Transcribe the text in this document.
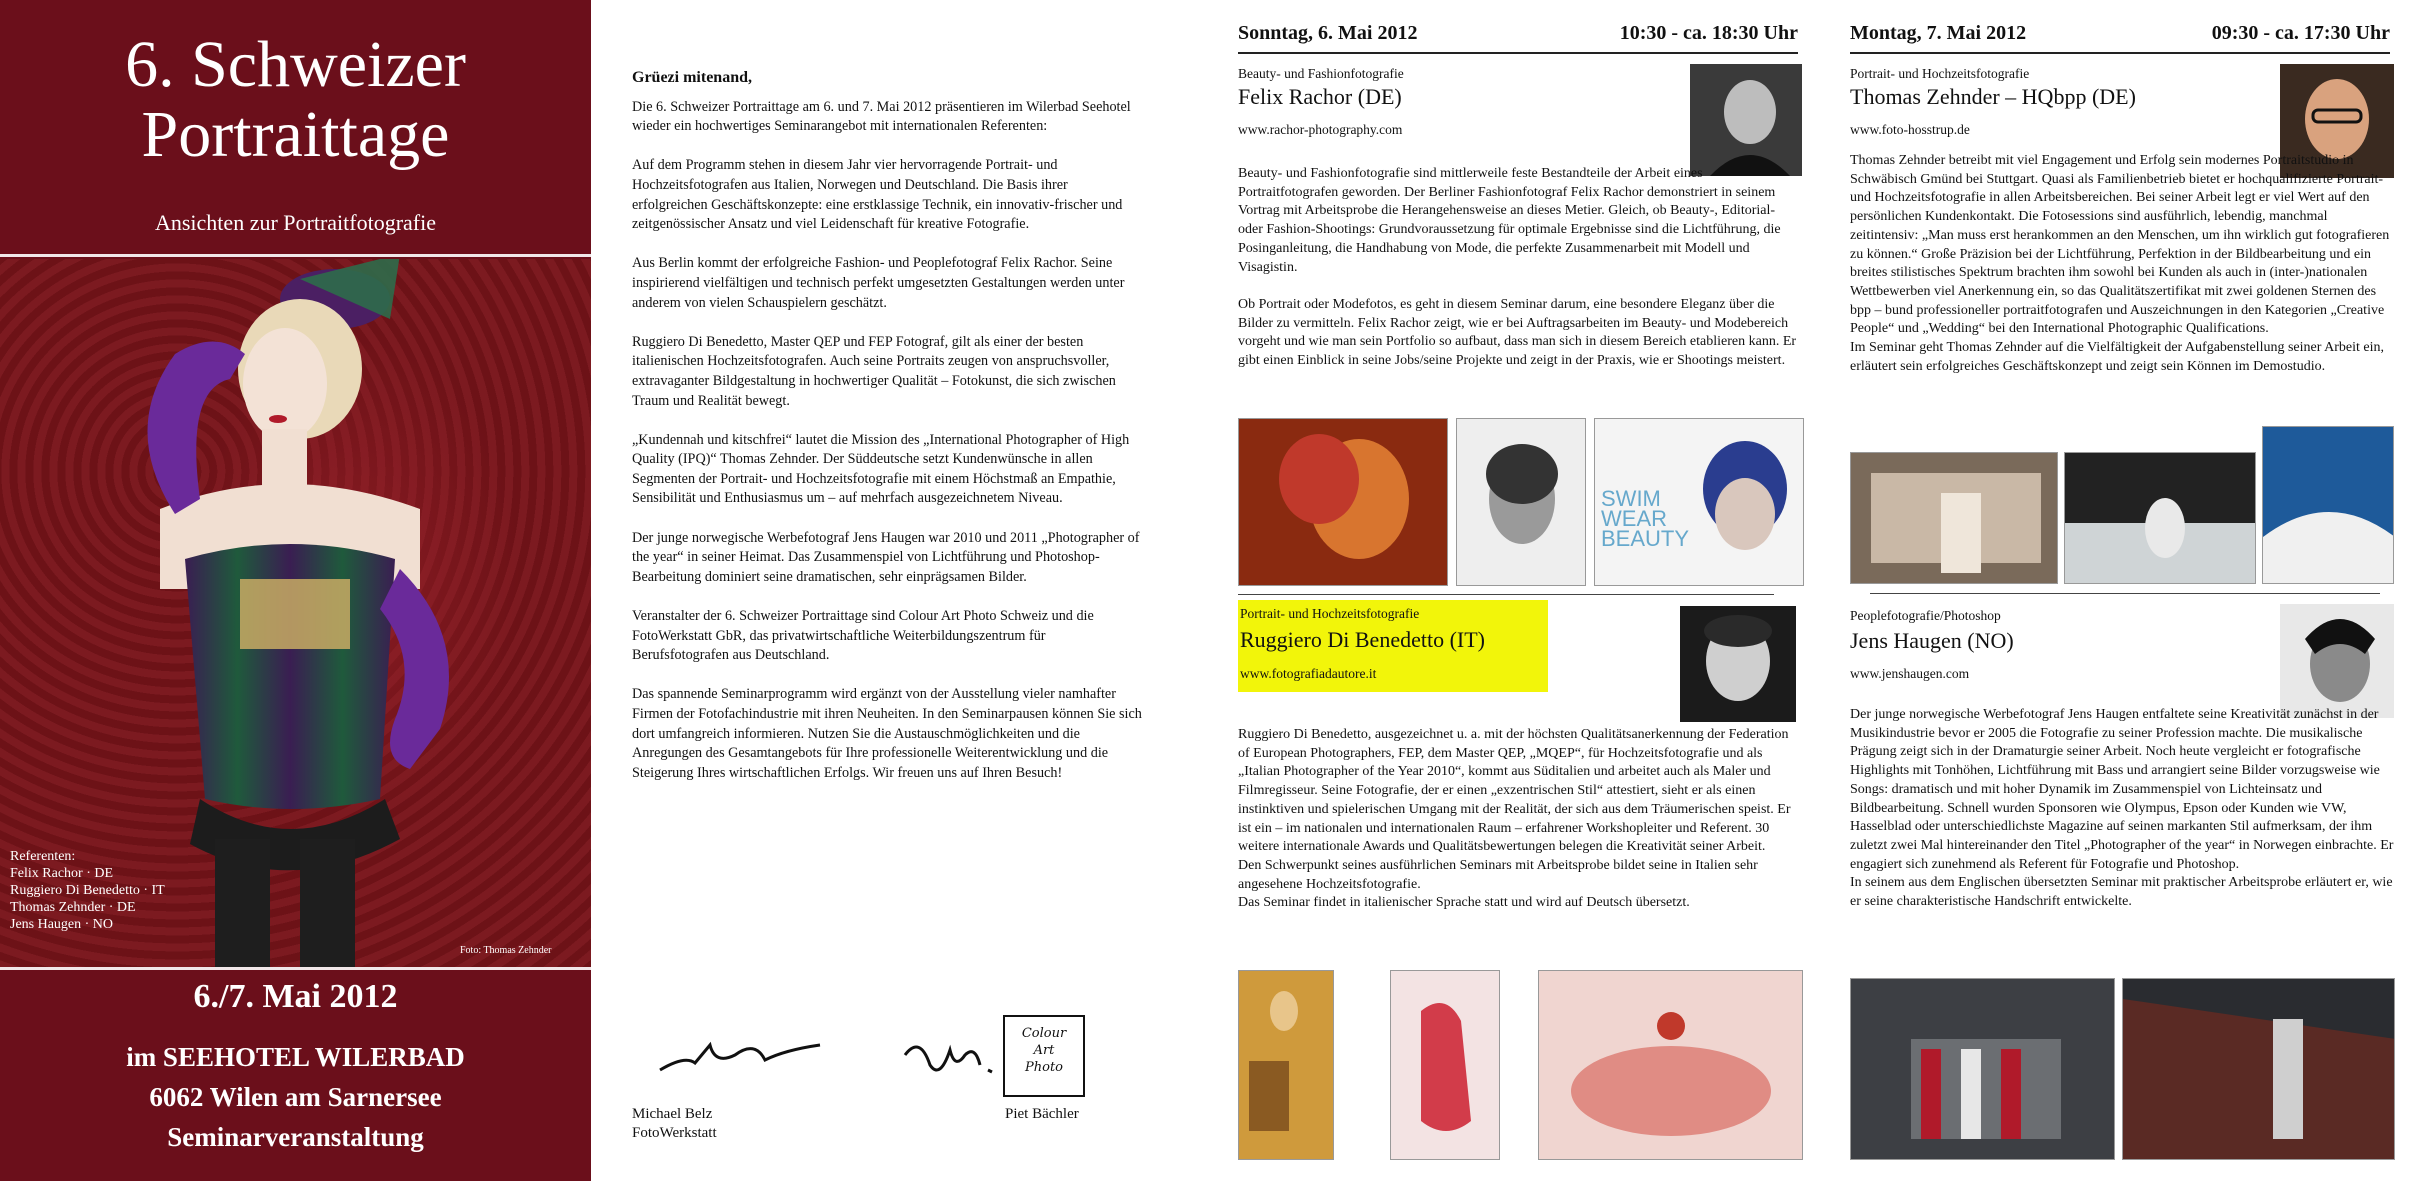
6. Schweizer
Portraittage
Ansichten zur Portraitfotografie
Referenten:
Felix Rachor · DE
Ruggiero Di Benedetto · IT
Thomas Zehnder · DE
Jens Haugen · NO
Foto: Thomas Zehnder
6./7. Mai 2012
im SEEHOTEL WILERBAD
6062 Wilen am Sarnersee
Seminarveranstaltung

Grüezi mitenand,

Die 6. Schweizer Portraittage am 6. und 7. Mai 2012 präsentieren im Wilerbad Seehotel wieder ein hochwertiges Seminarangebot mit internationalen Referenten:

Auf dem Programm stehen in diesem Jahr vier hervorragende Portrait- und Hochzeitsfotografen aus Italien, Norwegen und Deutschland. Die Basis ihrer erfolgreichen Geschäftskonzepte: eine erstklassige Technik, ein innovativ-frischer und zeitgenössischer Ansatz und viel Leidenschaft für kreative Fotografie.

Aus Berlin kommt der erfolgreiche Fashion- und Peoplefotograf Felix Rachor. Seine inspirierend vielfältigen und technisch perfekt umgesetzten Gestaltungen werden unter anderem von vielen Schauspielern geschätzt.

Ruggiero Di Benedetto, Master QEP und FEP Fotograf, gilt als einer der besten italienischen Hochzeitsfotografen. Auch seine Portraits zeugen von anspruchsvoller, extravaganter Bildgestaltung in hochwertiger Qualität – Fotokunst, die sich zwischen Traum und Realität bewegt.

„Kundennah und kitschfrei“ lautet die Mission des „International Photographer of High Quality (IPQ)“ Thomas Zehnder. Der Süddeutsche setzt Kundenwünsche in allen Segmenten der Portrait- und Hochzeitsfotografie mit einem Höchstmaß an Empathie, Sensibilität und Enthusiasmus um – auf mehrfach ausgezeichnetem Niveau.

Der junge norwegische Werbefotograf Jens Haugen war 2010 und 2011 „Photographer of the year“ in seiner Heimat. Das Zusammenspiel von Lichtführung und Photoshop-Bearbeitung dominiert seine dramatischen, sehr einprägsamen Bilder.

Veranstalter der 6. Schweizer Portraittage sind Colour Art Photo Schweiz und die FotoWerkstatt GbR, das privatwirtschaftliche Weiterbildungszentrum für Berufsfotografen aus Deutschland.

Das spannende Seminarprogramm wird ergänzt von der Ausstellung vieler namhafter Firmen der Fotofachindustrie mit ihren Neuheiten. In den Seminarpausen können Sie sich dort umfangreich informieren. Nutzen Sie die Austauschmöglichkeiten und die Anregungen des Gesamtangebots für Ihre professionelle Weiterentwicklung und die Steigerung Ihres wirtschaftlichen Erfolgs. Wir freuen uns auf Ihren Besuch!

Michael Belz
FotoWerkstatt
Colour
Art
Photo
Piet Bächler
Sonntag, 6. Mai 2012	10:30 - ca. 18:30 Uhr
Beauty- und Fashionfotografie
Felix Rachor (DE)
www.rachor-photography.com

Beauty- und Fashionfotografie sind mittlerweile feste Bestandteile der Arbeit eines Portraitfotografen geworden. Der Berliner Fashionfotograf Felix Rachor demonstriert in seinem Vortrag mit Arbeitsprobe die Herangehensweise an dieses Metier. Gleich, ob Beauty-, Editorial- oder Fashion-Shootings: Grundvoraussetzung für optimale Ergebnisse sind die Lichtführung, die Posinganleitung, die Handhabung von Mode, die perfekte Zusammenarbeit mit Modell und Visagistin.

Ob Portrait oder Modefotos, es geht in diesem Seminar darum, eine besondere Eleganz über die Bilder zu vermitteln. Felix Rachor zeigt, wie er bei Auftragsarbeiten im Beauty- und Modebereich vorgeht und wie man sein Portfolio so aufbaut, dass man sich in diesem Bereich etablieren kann. Er gibt einen Einblick in seine Jobs/seine Projekte und zeigt in der Praxis, wie er Shootings meistert.

SWIM
WEAR
BEAUTY
Portrait- und Hochzeitsfotografie
Ruggiero Di Benedetto (IT)
www.fotografiadautore.it
Ruggiero Di Benedetto, ausgezeichnet u. a. mit der höchsten Qualitätsanerkennung der Federation of European Photographers, FEP, dem Master QEP, „MQEP“, für Hochzeitsfotografie und als „Italian Photographer of the Year 2010“, kommt aus Süditalien und arbeitet auch als Maler und Filmregisseur. Seine Fotografie, der er einen „exzentrischen Stil“ attestiert, sieht er als einen instinktiven und spielerischen Umgang mit der Realität, der sich aus dem Träumerischen speist. Er ist ein – im nationalen und internationalen Raum – erfahrener Workshopleiter und Referent. 30 weitere internationale Awards und Qualitätsbewertungen belegen die Kreativität seiner Arbeit.
Den Schwerpunkt seines ausführlichen Seminars mit Arbeitsprobe bildet seine in Italien sehr angesehene Hochzeitsfotografie.
Das Seminar findet in italienischer Sprache statt und wird auf Deutsch übersetzt.
Montag, 7. Mai 2012	09:30 - ca. 17:30 Uhr
Portrait- und Hochzeitsfotografie
Thomas Zehnder – HQbpp (DE)
www.foto-hosstrup.de
Thomas Zehnder betreibt mit viel Engagement und Erfolg sein modernes Portraitstudio in Schwäbisch Gmünd bei Stuttgart. Quasi als Familienbetrieb bietet er hochqualifizierte Portrait- und Hochzeitsfotografie in allen Arbeitsbereichen. Bei seiner Arbeit legt er viel Wert auf den persönlichen Kundenkontakt. Die Fotosessions sind ausführlich, lebendig, manchmal zeitintensiv: „Man muss erst herankommen an den Menschen, um ihn wirklich gut fotografieren zu können.“ Große Präzision bei der Lichtführung, Perfektion in der Bildbearbeitung und ein breites stilistisches Spektrum brachten ihm sowohl bei Kunden als auch in (inter-)nationalen Wettbewerben viel Anerkennung ein, so das Qualitätszertifikat mit zwei goldenen Sternen des bpp – bund professioneller portraitfotografen und Auszeichnungen in den Kategorien „Creative People“ und „Wedding“ bei den International Photographic Qualifications.
Im Seminar geht Thomas Zehnder auf die Vielfältigkeit der Aufgabenstellung seiner Arbeit ein, erläutert sein erfolgreiches Geschäftskonzept und zeigt sein Können im Demostudio.
Peoplefotografie/Photoshop
Jens Haugen (NO)
www.jenshaugen.com
Der junge norwegische Werbefotograf Jens Haugen entfaltete seine Kreativität zunächst in der Musikindustrie bevor er 2005 die Fotografie zu seiner Profession machte. Die musikalische Prägung zeigt sich in der Dramaturgie seiner Arbeit. Noch heute vergleicht er fotografische Highlights mit Tonhöhen, Lichtführung mit Bass und arrangiert seine Bilder vorzugsweise wie Songs: dramatisch und mit hoher Dynamik im Zusammenspiel von Lichteinsatz und Bildbearbeitung. Schnell wurden Sponsoren wie Olympus, Epson oder Kunden wie VW, Hasselblad oder unterschiedlichste Magazine auf seinen markanten Stil aufmerksam, der ihm zuletzt zwei Mal hintereinander den Titel „Photographer of the year“ in Norwegen einbrachte. Er engagiert sich zunehmend als Referent für Fotografie und Photoshop.
In seinem aus dem Englischen übersetzten Seminar mit praktischer Arbeitsprobe erläutert er, wie er seine charakteristische Handschrift entwickelte.
